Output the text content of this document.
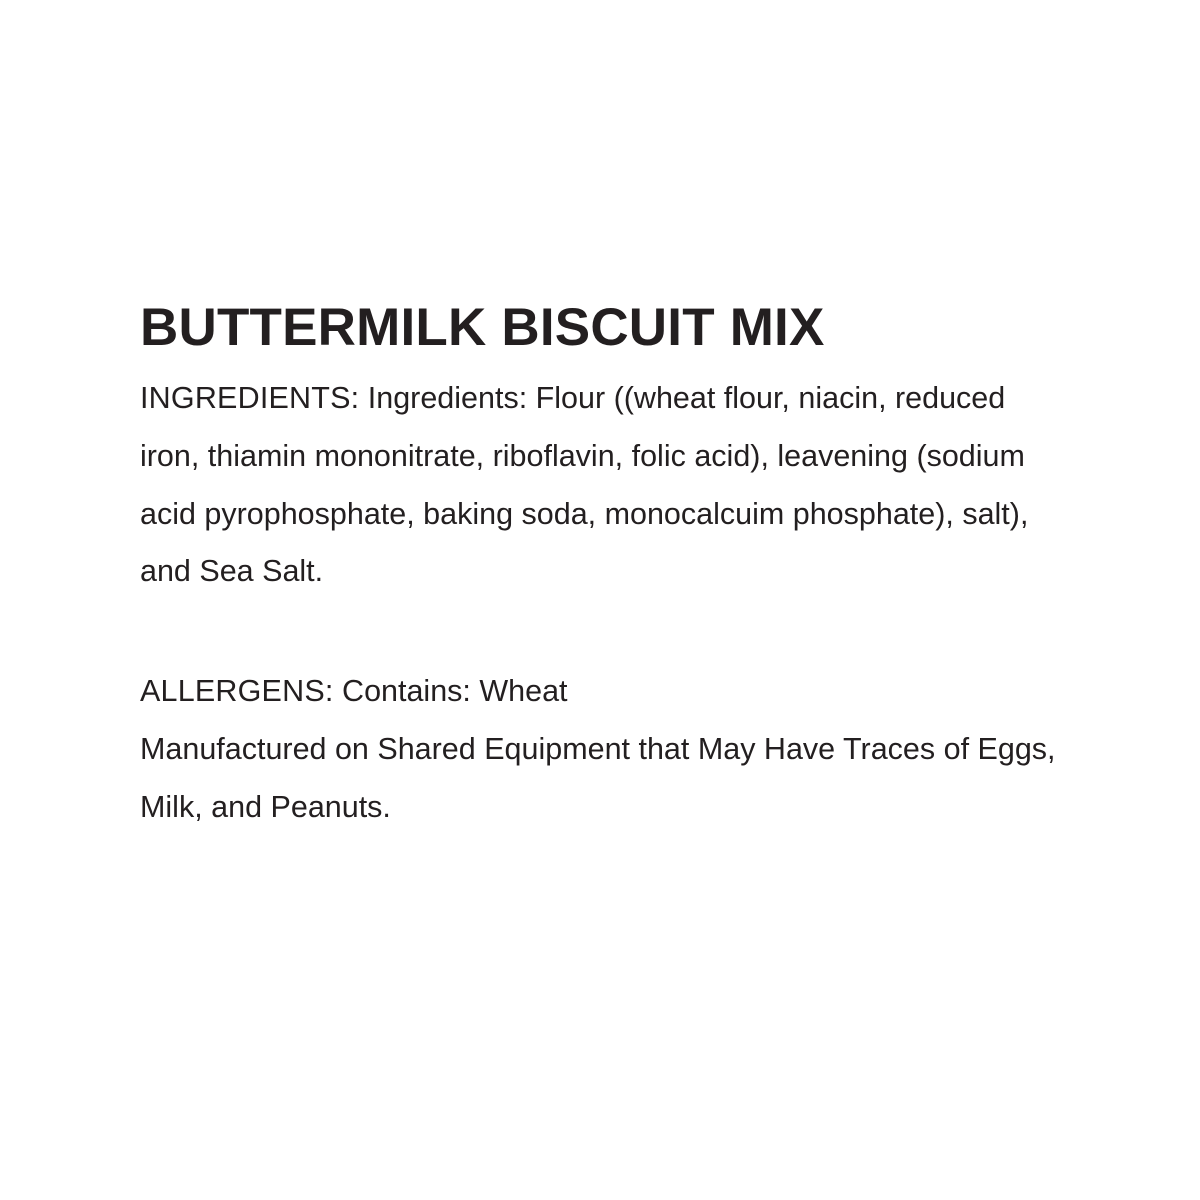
BUTTERMILK BISCUIT MIX

INGREDIENTS: Ingredients: Flour ((wheat flour, niacin, reduced iron, thiamin mononitrate, riboflavin, folic acid), leavening (sodium acid pyrophosphate, baking soda, monocalcuim phosphate), salt), and Sea Salt.

ALLERGENS: Contains: Wheat

Manufactured on Shared Equipment that May Have Traces of Eggs, Milk, and Peanuts.
